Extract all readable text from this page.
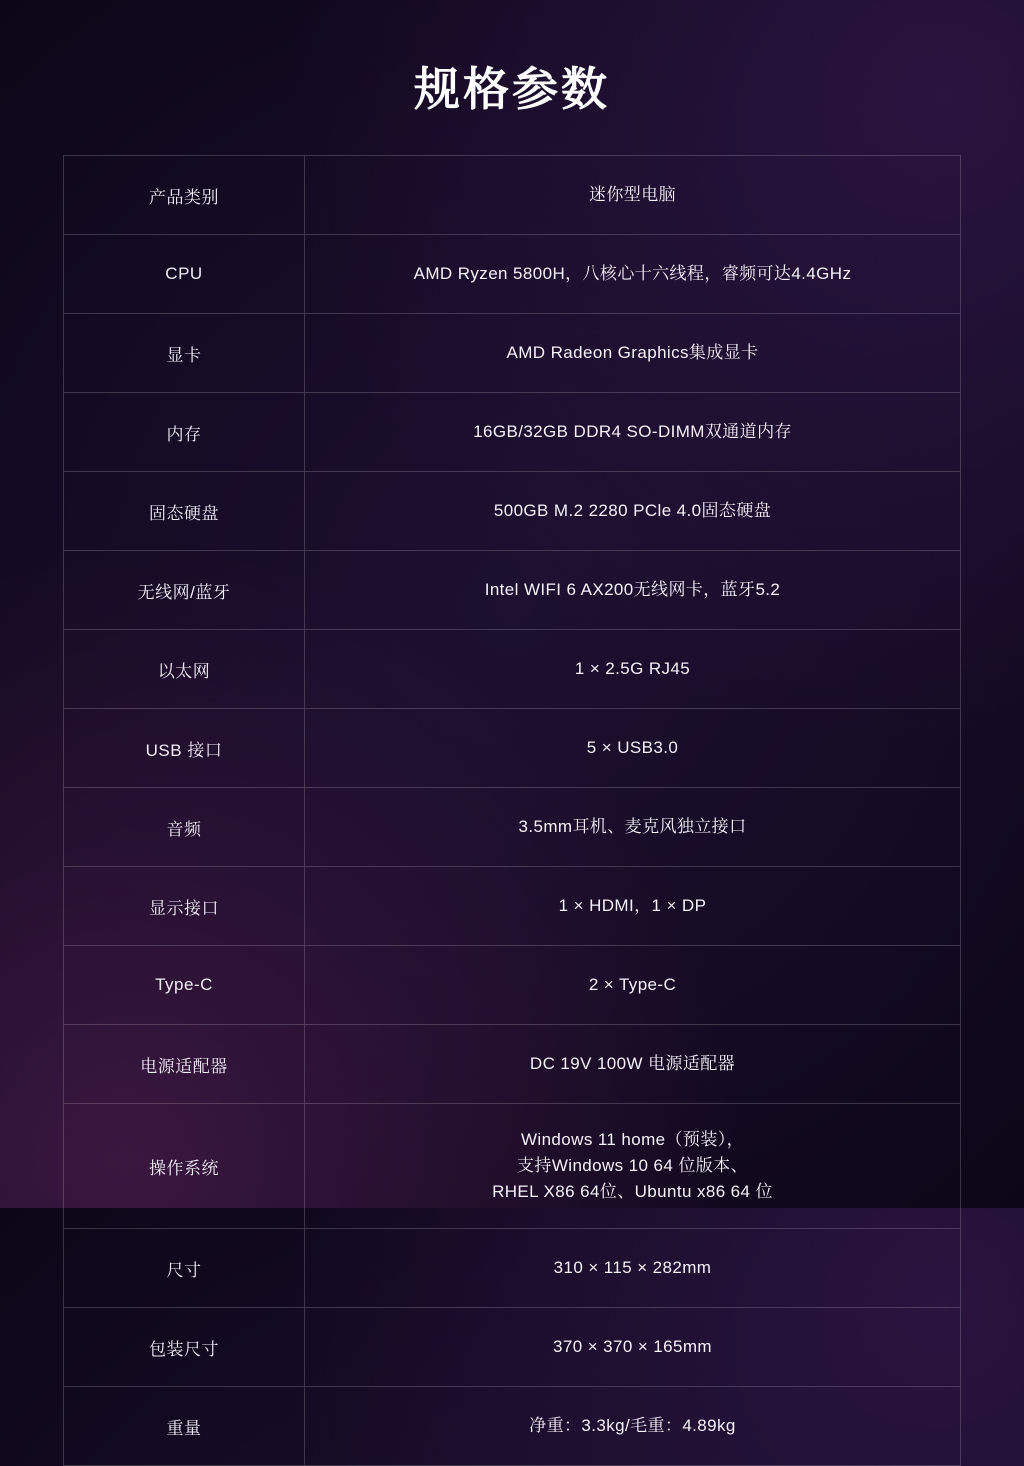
规格参数
产品类别	迷你型电脑
CPU	AMD Ryzen 5800H，八核心十六线程，睿频可达4.4GHz
显卡	AMD Radeon Graphics集成显卡
内存	16GB/32GB DDR4 SO-DIMM双通道内存
固态硬盘	500GB M.2 2280 PCle 4.0固态硬盘
无线网/蓝牙	Intel WIFI 6 AX200无线网卡，蓝牙5.2
以太网	1 × 2.5G RJ45
USB 接口	5 × USB3.0
音频	3.5mm耳机、麦克风独立接口
显示接口	1 × HDMI，1 × DP
Type-C	2 × Type-C
电源适配器	DC 19V 100W 电源适配器
操作系统	Windows 11 home（预装），
支持Windows 10 64 位版本、
RHEL X86 64位、Ubuntu x86 64 位

尺寸	310 × 115 × 282mm
包装尺寸	370 × 370 × 165mm
重量	净重：3.3kg/毛重：4.89kg
